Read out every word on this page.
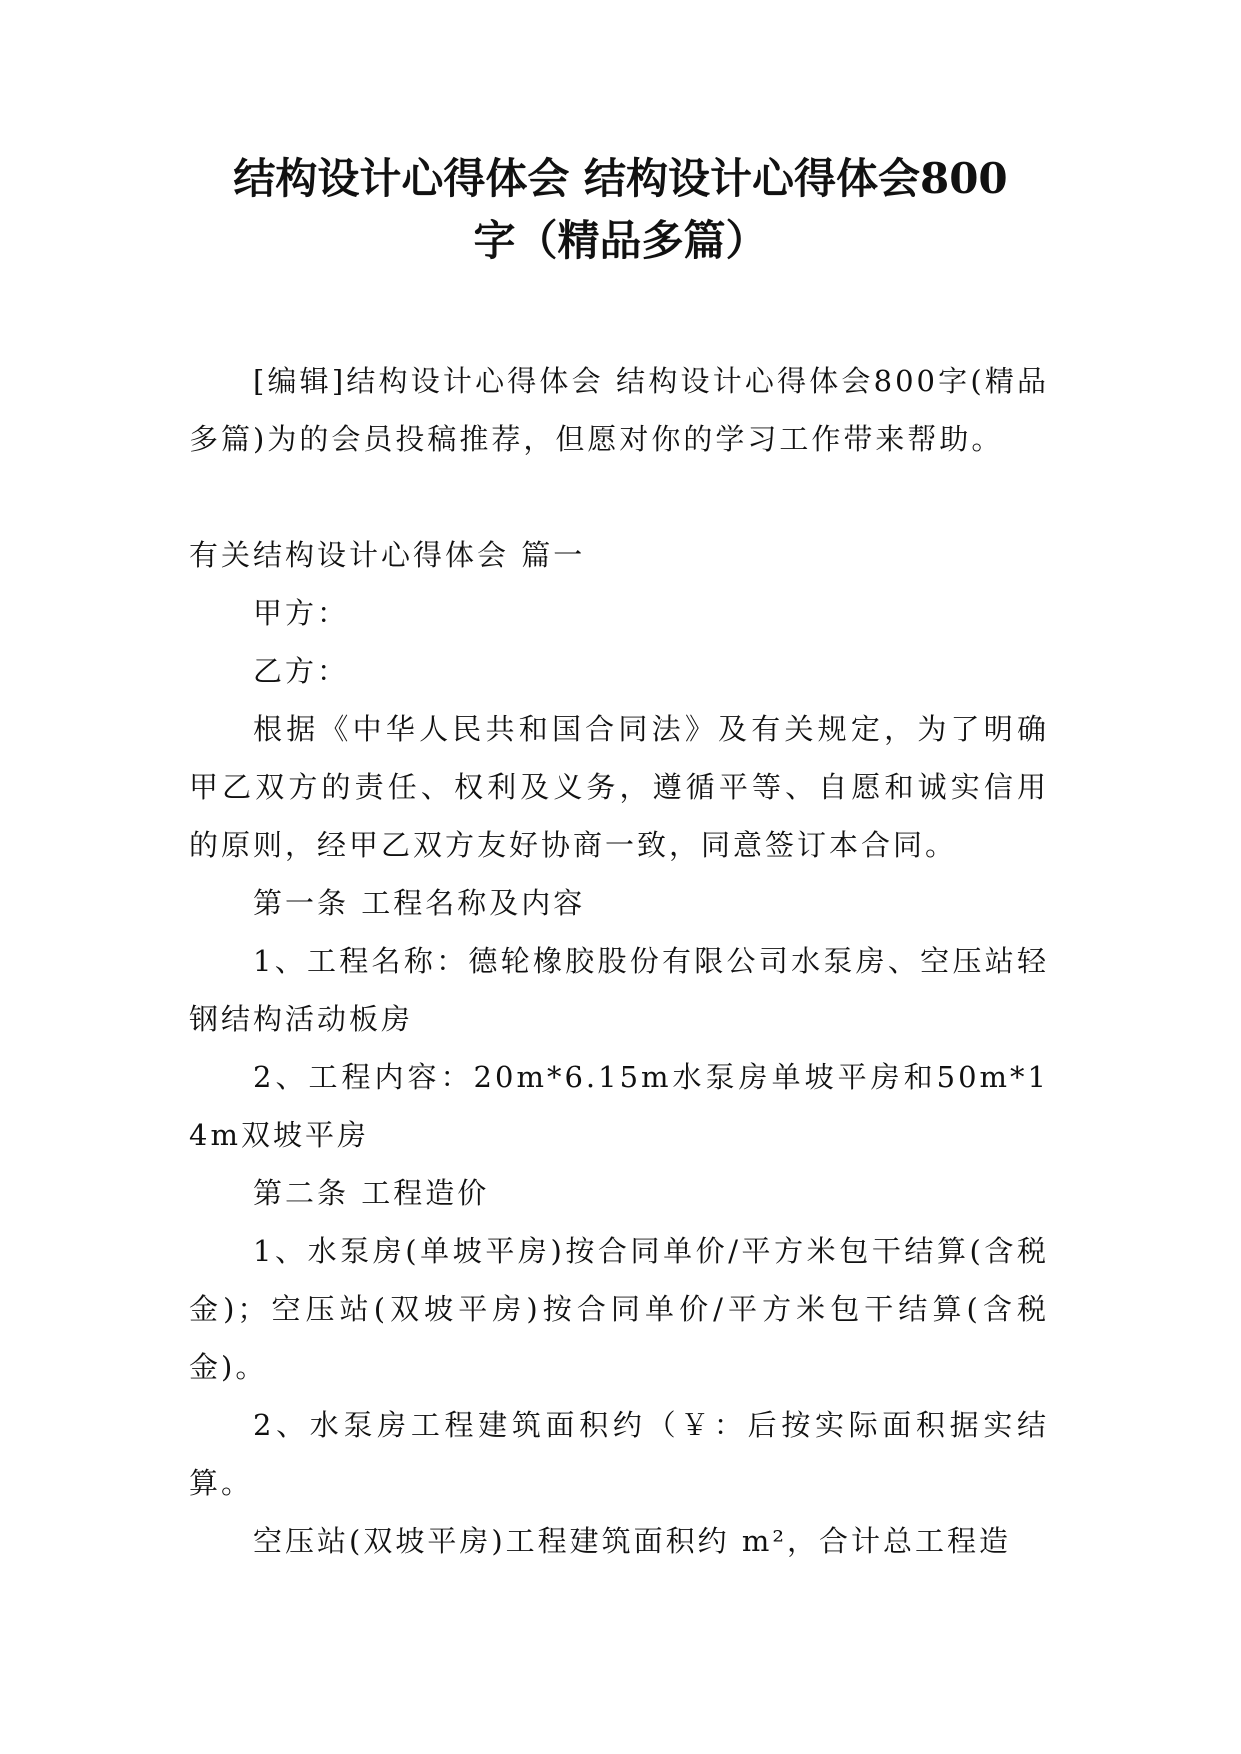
结构设计心得体会 结构设计心得体会800
字（精品多篇）

[编辑]结构设计心得体会 结构设计心得体会800字(精品多篇)为的会员投稿推荐，但愿对你的学习工作带来帮助。

有关结构设计心得体会 篇一

甲方：

乙方：

根据《中华人民共和国合同法》及有关规定，为了明确甲乙双方的责任、权利及义务，遵循平等、自愿和诚实信用的原则，经甲乙双方友好协商一致，同意签订本合同。

第一条 工程名称及内容

1、工程名称：德轮橡胶股份有限公司水泵房、空压站轻钢结构活动板房

2、工程内容：20m*6.15m水泵房单坡平房和50m*14m双坡平房

第二条 工程造价

1、水泵房(单坡平房)按合同单价/平方米包干结算(含税金)；空压站(双坡平房)按合同单价/平方米包干结算(含税金)。

2、水泵房工程建筑面积约（￥：后按实际面积据实结算。

空压站(双坡平房)工程建筑面积约 m²，合计总工程造
